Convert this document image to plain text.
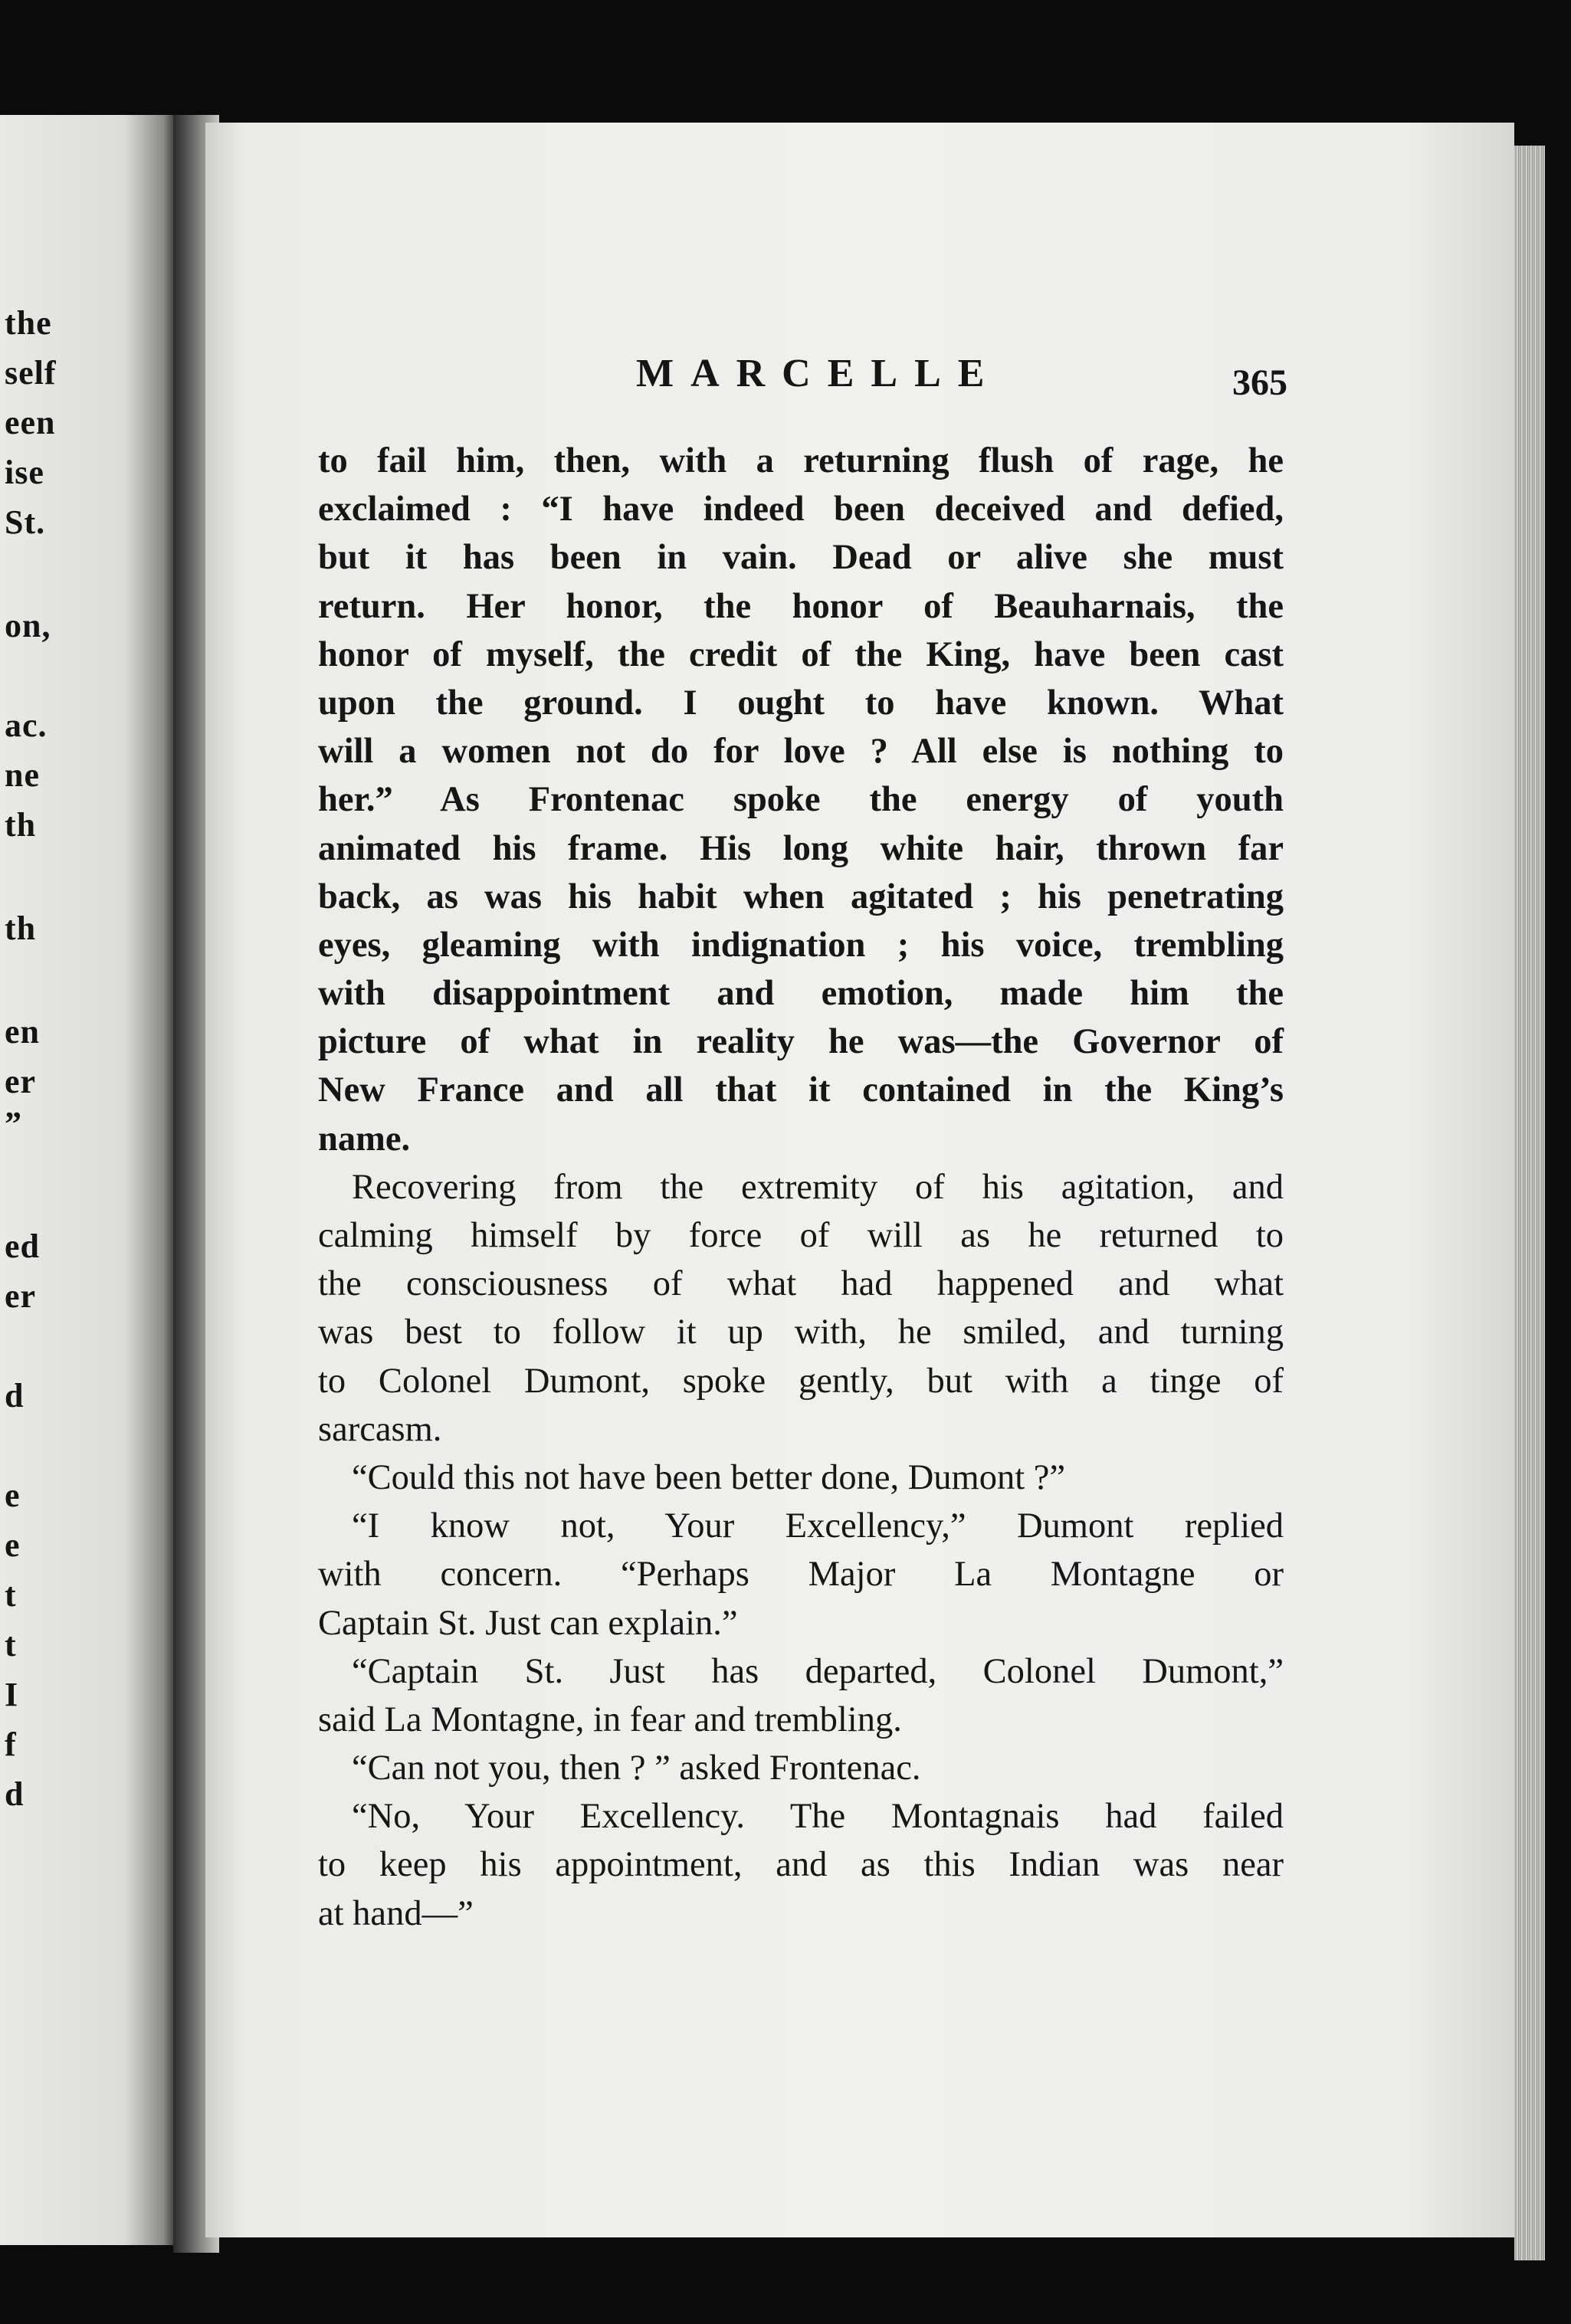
the
self
een
ise
St.
on,
ac.
ne
th
th
en
er
”
ed
er
d
e
e
t
t
I
f
d
MARCELLE	365
to fail him, then, with a returning flush of rage, he
exclaimed : “I have indeed been deceived and defied,
but it has been in vain. Dead or alive she must
return. Her honor, the honor of Beauharnais, the
honor of myself, the credit of the King, have been cast
upon the ground. I ought to have known. What
will a women not do for love ? All else is nothing to
her.” As Frontenac spoke the energy of youth
animated his frame. His long white hair, thrown far
back, as was his habit when agitated ; his penetrating
eyes, gleaming with indignation ; his voice, trembling
with disappointment and emotion, made him the
picture of what in reality he was—the Governor of
New France and all that it contained in the King’s
name.
Recovering from the extremity of his agitation, and
calming himself by force of will as he returned to
the consciousness of what had happened and what
was best to follow it up with, he smiled, and turning
to Colonel Dumont, spoke gently, but with a tinge of
sarcasm.
“Could this not have been better done, Dumont ?”
“I know not, Your Excellency,” Dumont replied
with concern. “Perhaps Major La Montagne or
Captain St. Just can explain.”
“Captain St. Just has departed, Colonel Dumont,”
said La Montagne, in fear and trembling.
“Can not you, then ? ” asked Frontenac.
“No, Your Excellency. The Montagnais had failed
to keep his appointment, and as this Indian was near
at hand—”
